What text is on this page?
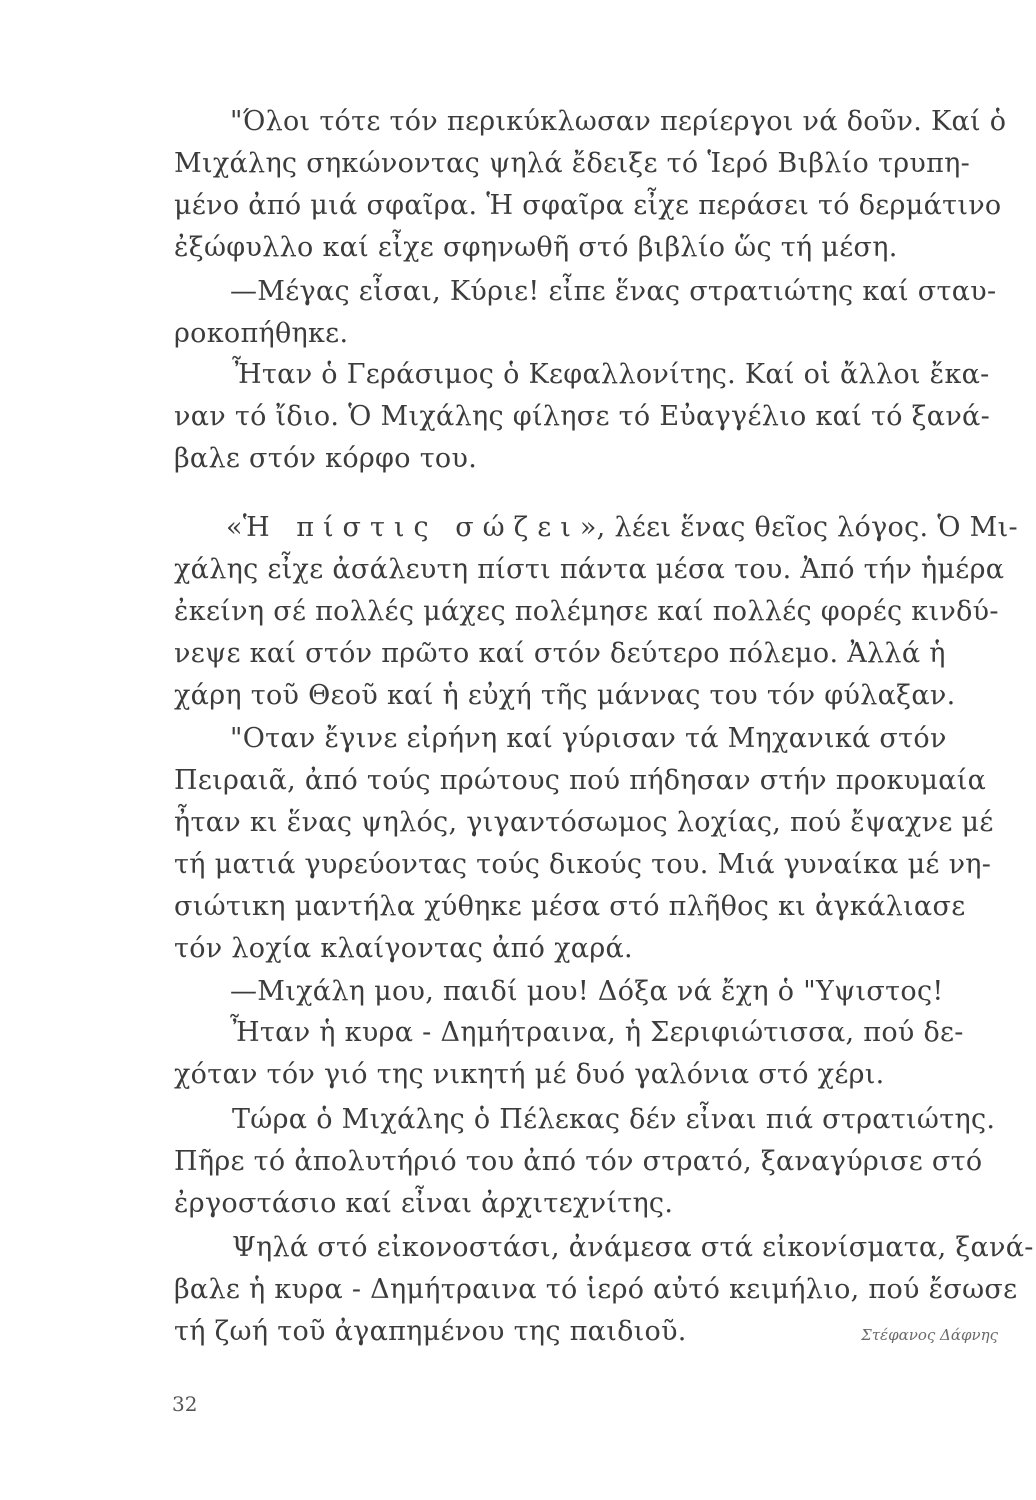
"Όλοι τότε τόν περικύκλωσαν περίεργοι νά δοῦν. Καί ὁ
Μιχάλης σηκώνοντας ψηλά ἔδειξε τό Ἱερό Βιβλίο τρυπη-
μένο ἀπό μιά σφαῖρα. Ἡ σφαῖρα εἶχε περάσει τό δερμάτινο
ἐξώφυλλο καί εἶχε σφηνωθῆ στό βιβλίο ὥς τή μέση.
—Μέγας εἶσαι, Κύριε! εἶπε ἕνας στρατιώτης καί σταυ-
ροκοπήθηκε.
Ἦταν ὁ Γεράσιμος ὁ Κεφαλλονίτης. Καί οἱ ἄλλοι ἔκα-
ναν τό ἴδιο. Ὁ Μιχάλης φίλησε τό Εὐαγγέλιο καί τό ξανά-
βαλε στόν κόρφο του.
«Ἡ πίστις σώζει», λέει ἕνας θεῖος λόγος. Ὁ Μι-
χάλης εἶχε ἀσάλευτη πίστι πάντα μέσα του. Ἀπό τήν ἡμέρα
ἐκείνη σέ πολλές μάχες πολέμησε καί πολλές φορές κινδύ-
νεψε καί στόν πρῶτο καί στόν δεύτερο πόλεμο. Ἀλλά ἡ
χάρη τοῦ Θεοῦ καί ἡ εὐχή τῆς μάννας του τόν φύλαξαν.
"Οταν ἔγινε εἰρήνη καί γύρισαν τά Μηχανικά στόν
Πειραιᾶ, ἀπό τούς πρώτους πού πήδησαν στήν προκυμαία
ἦταν κι ἕνας ψηλός, γιγαντόσωμος λοχίας, πού ἔψαχνε μέ
τή ματιά γυρεύοντας τούς δικούς του. Μιά γυναίκα μέ νη-
σιώτικη μαντήλα χύθηκε μέσα στό πλῆθος κι ἀγκάλιασε
τόν λοχία κλαίγοντας ἀπό χαρά.
—Μιχάλη μου, παιδί μου! Δόξα νά ἔχη ὁ "Υψιστος!
Ἦταν ἡ κυρα - Δημήτραινα, ἡ Σεριφιώτισσα, πού δε-
χόταν τόν γιό της νικητή μέ δυό γαλόνια στό χέρι.
Τώρα ὁ Μιχάλης ὁ Πέλεκας δέν εἶναι πιά στρατιώτης.
Πῆρε τό ἀπολυτήριό του ἀπό τόν στρατό, ξαναγύρισε στό
ἐργοστάσιο καί εἶναι ἀρχιτεχνίτης.
Ψηλά στό εἰκονοστάσι, ἀνάμεσα στά εἰκονίσματα, ξανά-
βαλε ἡ κυρα - Δημήτραινα τό ἱερό αὐτό κειμήλιο, πού ἔσωσε
τή ζωή τοῦ ἀγαπημένου της παιδιοῦ.	Στέφανος Δάφνης
32
